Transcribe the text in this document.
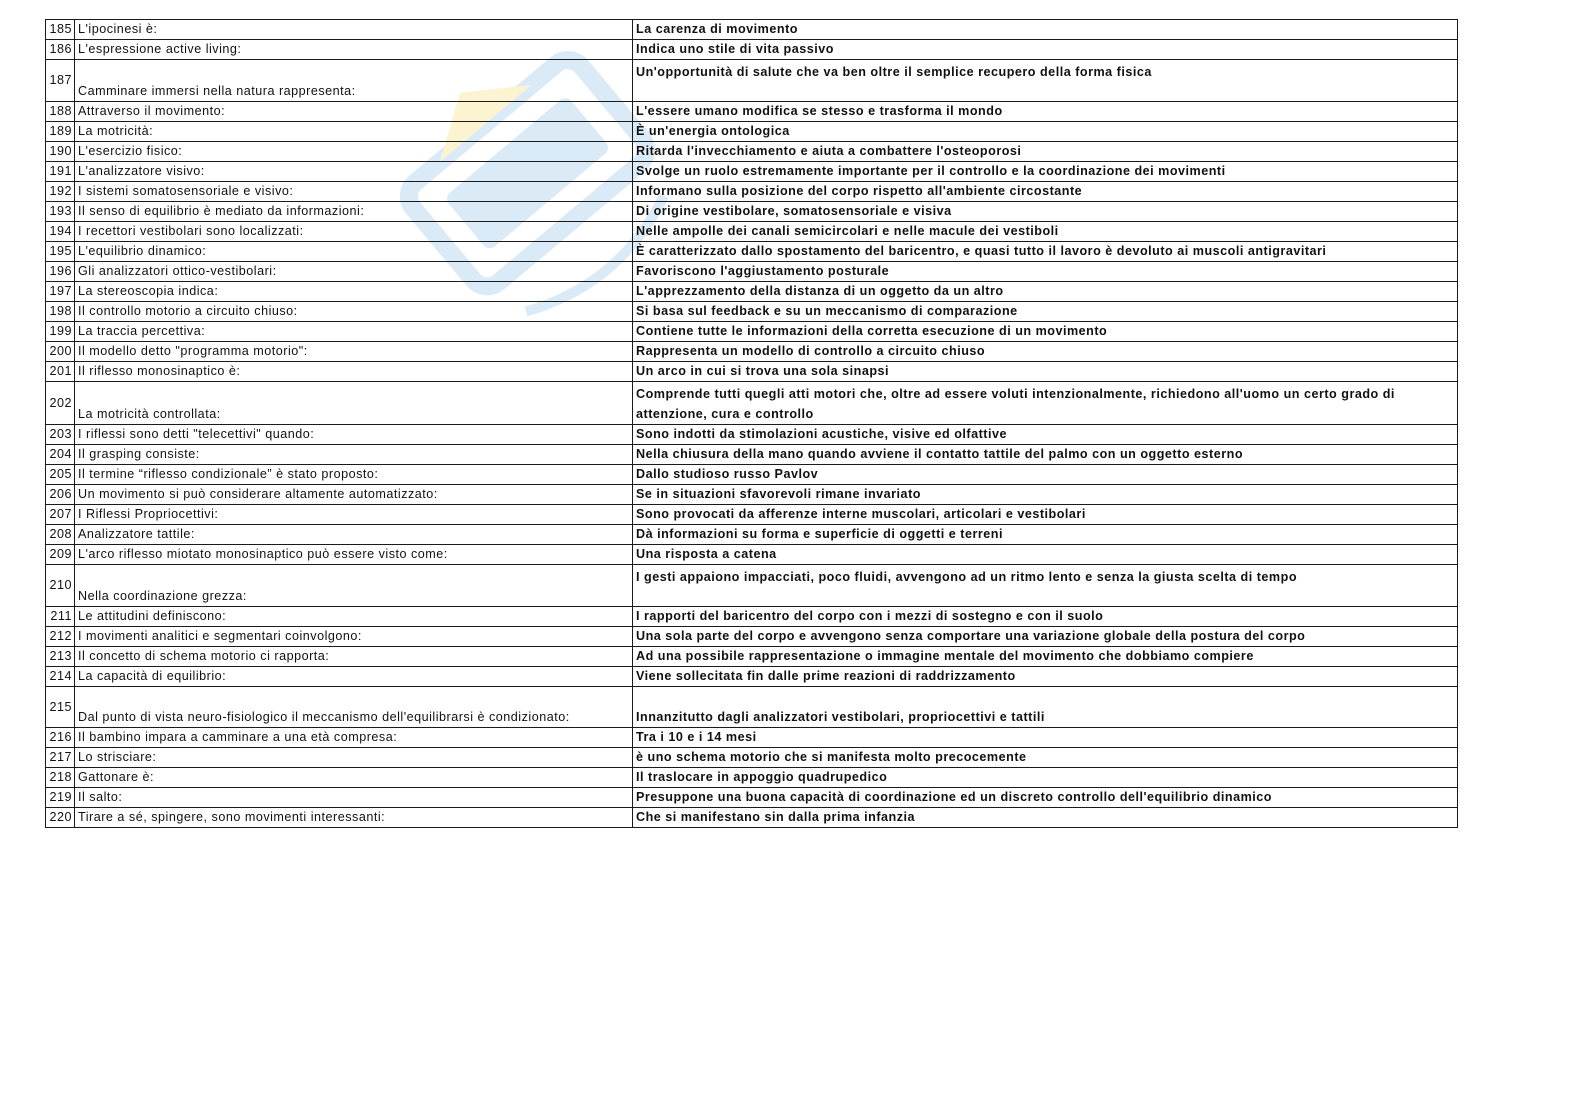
185	L'ipocinesi è:	La carenza di movimento
186	L'espressione active living:	Indica uno stile di vita passivo
187	Camminare immersi nella natura rappresenta:	Un'opportunità di salute che va ben oltre il semplice recupero della forma fisica
188	Attraverso il movimento:	L'essere umano modifica se stesso e trasforma il mondo
189	La motricità:	È un'energia ontologica
190	L'esercizio fisico:	Ritarda l'invecchiamento e aiuta a combattere l'osteoporosi
191	L'analizzatore visivo:	Svolge un ruolo estremamente importante per il controllo e la coordinazione dei movimenti
192	I sistemi somatosensoriale e visivo:	Informano sulla posizione del corpo rispetto all'ambiente circostante
193	Il senso di equilibrio è mediato da informazioni:	Di origine vestibolare, somatosensoriale e visiva
194	I recettori vestibolari sono localizzati:	Nelle ampolle dei canali semicircolari e nelle macule dei vestiboli
195	L'equilibrio dinamico:	È caratterizzato dallo spostamento del baricentro, e quasi tutto il lavoro è devoluto ai muscoli antigravitari
196	Gli analizzatori ottico-vestibolari:	Favoriscono l'aggiustamento posturale
197	La stereoscopia indica:	L'apprezzamento della distanza di un oggetto da un altro
198	Il controllo motorio a circuito chiuso:	Si basa sul feedback e su un meccanismo di comparazione
199	La traccia percettiva:	Contiene tutte le informazioni della corretta esecuzione di un movimento
200	Il modello detto "programma motorio":	Rappresenta un modello di controllo a circuito chiuso
201	Il riflesso monosinaptico è:	Un arco in cui si trova una sola sinapsi
202	La motricità controllata:	Comprende tutti quegli atti motori che, oltre ad essere voluti intenzionalmente, richiedono all'uomo un certo grado di attenzione, cura e controllo
203	I riflessi sono detti "telecettivi" quando:	Sono indotti da stimolazioni acustiche, visive ed olfattive
204	Il grasping consiste:	Nella chiusura della mano quando avviene il contatto tattile del palmo con un oggetto esterno
205	Il termine “riflesso condizionale” è stato proposto:	Dallo studioso russo Pavlov
206	Un movimento si può considerare altamente automatizzato:	Se in situazioni sfavorevoli rimane invariato
207	I Riflessi Propriocettivi:	Sono provocati da afferenze interne muscolari, articolari e vestibolari
208	Analizzatore tattile:	Dà informazioni su forma e superficie di oggetti e terreni
209	L'arco riflesso miotato monosinaptico può essere visto come:	Una risposta a catena
210	Nella coordinazione grezza:	I gesti appaiono impacciati, poco fluidi, avvengono ad un ritmo lento e senza la giusta scelta di tempo
211	Le attitudini definiscono:	I rapporti del baricentro del corpo con i mezzi di sostegno e con il suolo
212	I movimenti analitici e segmentari coinvolgono:	Una sola parte del corpo e avvengono senza comportare una variazione globale della postura del corpo
213	Il concetto di schema motorio ci rapporta:	Ad una possibile rappresentazione o immagine mentale del movimento che dobbiamo compiere
214	La capacità di equilibrio:	Viene sollecitata fin dalle prime reazioni di raddrizzamento
215	Dal punto di vista neuro-fisiologico il meccanismo dell'equilibrarsi è condizionato:	Innanzitutto dagli analizzatori vestibolari, propriocettivi e tattili
216	Il bambino impara a camminare a una età compresa:	Tra i 10 e i 14 mesi
217	Lo strisciare:	è uno schema motorio che si manifesta molto precocemente
218	Gattonare è:	Il traslocare in appoggio quadrupedico
219	Il salto:	Presuppone una buona capacità di coordinazione ed un discreto controllo dell'equilibrio dinamico
220	Tirare a sé, spingere, sono movimenti interessanti:	Che si manifestano sin dalla prima infanzia
